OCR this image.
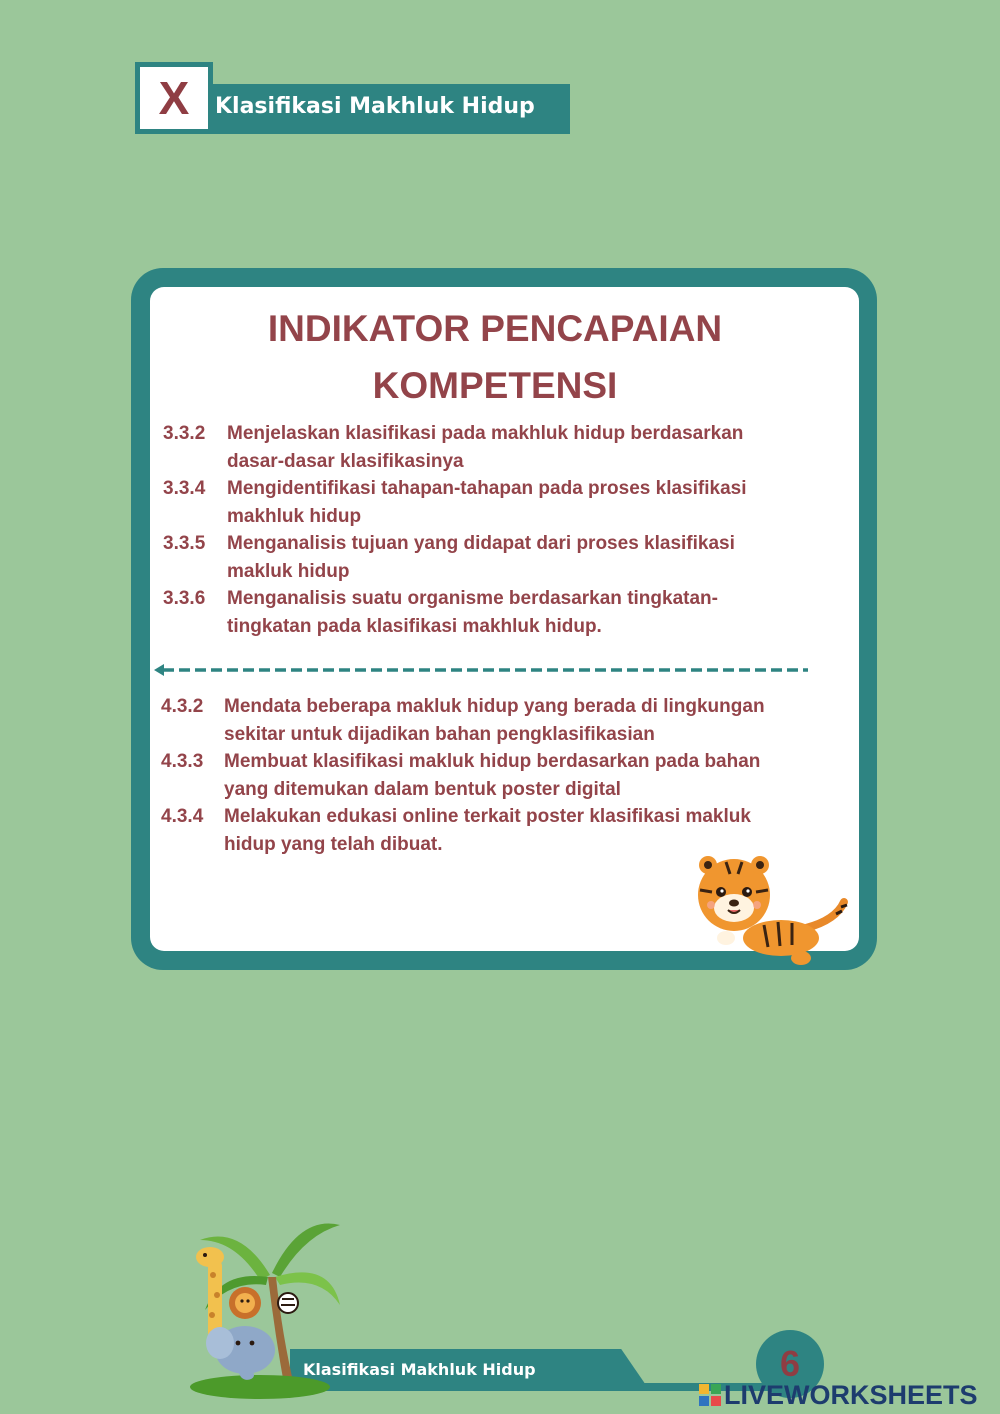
Klasifikasi Makhluk Hidup
X
INDIKATOR PENCAPAIAN
KOMPETENSI
3.3.2	Menjelaskan klasifikasi pada makhluk hidup berdasarkan
dasar-dasar klasifikasinya
3.3.4	Mengidentifikasi tahapan-tahapan pada proses klasifikasi
makhluk hidup
3.3.5	Menganalisis tujuan yang didapat dari proses klasifikasi
makluk hidup
3.3.6	Menganalisis suatu organisme berdasarkan tingkatan-
tingkatan pada klasifikasi makhluk hidup.
4.3.2	Mendata beberapa makluk hidup yang berada di lingkungan
sekitar untuk dijadikan bahan pengklasifikasian
4.3.3	Membuat klasifikasi makluk hidup berdasarkan pada bahan
yang ditemukan dalam bentuk poster digital
4.3.4	Melakukan edukasi online terkait poster klasifikasi makluk
hidup yang telah dibuat.
Klasifikasi Makhluk Hidup	6
LIVEWORKSHEETS
